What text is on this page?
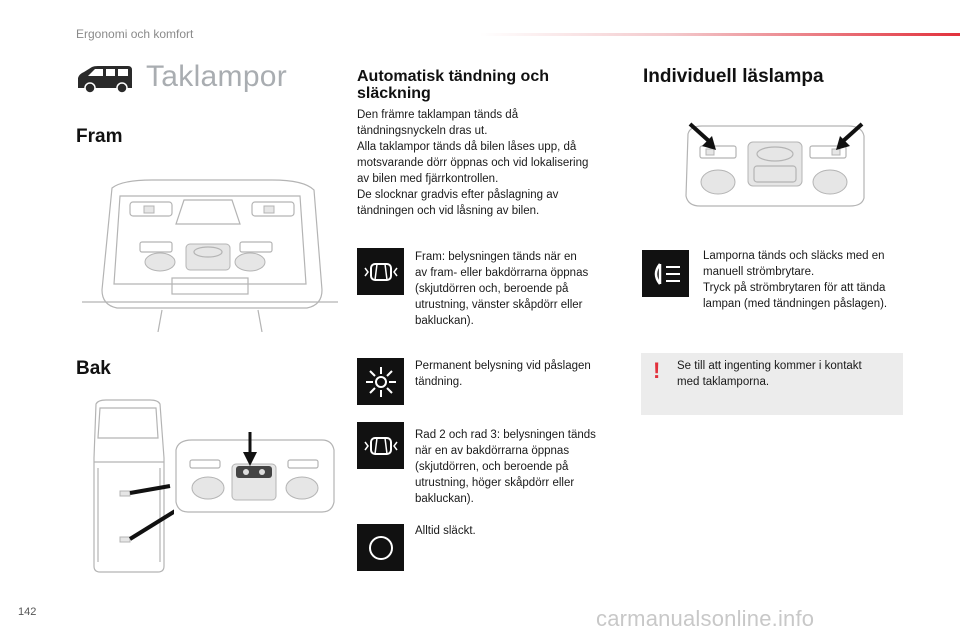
Ergonomi och komfort
Taklampor
Fram
Bak
Automatisk tändning och släckning
Den främre taklampan tänds då
tändningsnyckeln dras ut.
Alla taklampor tänds då bilen låses upp, då
motsvarande dörr öppnas och vid lokalisering
av bilen med fjärrkontrollen.
De slocknar gradvis efter påslagning av
tändningen och vid låsning av bilen.
Fram: belysningen tänds när en
av fram- eller bakdörrarna öppnas
(skjutdörren och, beroende på
utrustning, vänster skåpdörr eller
bakluckan).
Permanent belysning vid påslagen
tändning.
Rad 2 och rad 3: belysningen tänds
när en av bakdörrarna öppnas
(skjutdörren, och beroende på
utrustning, höger skåpdörr eller
bakluckan).
Alltid släckt.
Individuell läslampa
Lamporna tänds och släcks med en
manuell strömbrytare.
Tryck på strömbrytaren för att tända
lampan (med tändningen påslagen).
! Se till att ingenting kommer i kontakt
med taklamporna.
142	carmanualsonline.info
